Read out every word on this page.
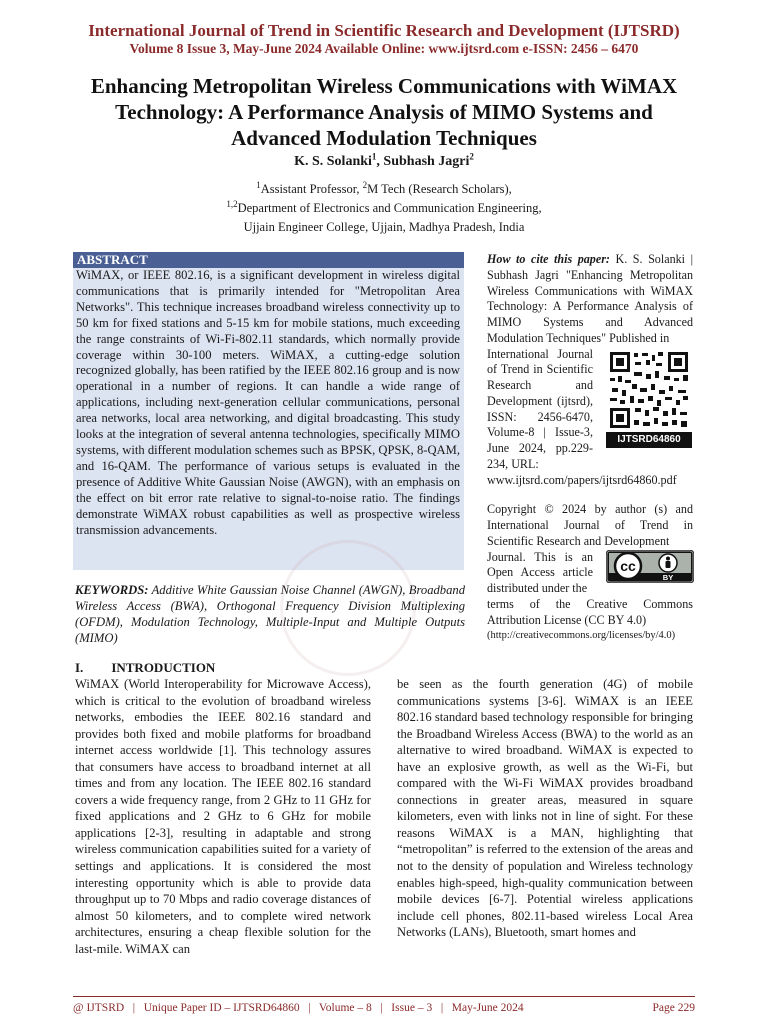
International Journal of Trend in Scientific Research and Development (IJTSRD)
Volume 8 Issue 3, May-June 2024 Available Online: www.ijtsrd.com e-ISSN: 2456 – 6470
Enhancing Metropolitan Wireless Communications with WiMAX
Technology: A Performance Analysis of MIMO Systems and
Advanced Modulation Techniques
K. S. Solanki$^1$, Subhash Jagri$^2$
$^1$Assistant Professor, $^2$M Tech (Research Scholars),
$^{1,2}$Department of Electronics and Communication Engineering,
Ujjain Engineer College, Ujjain, Madhya Pradesh, India
ABSTRACT
WiMAX, or IEEE 802.16, is a significant development in wireless digital communications that is primarily intended for "Metropolitan Area Networks". This technique increases broadband wireless connectivity up to 50 km for fixed stations and 5-15 km for mobile stations, much exceeding the range constraints of Wi-Fi-802.11 standards, which normally provide coverage within 30-100 meters. WiMAX, a cutting-edge solution recognized globally, has been ratified by the IEEE 802.16 group and is now operational in a number of regions. It can handle a wide range of applications, including next-generation cellular communications, personal area networks, local area networking, and digital broadcasting. This study looks at the integration of several antenna technologies, specifically MIMO systems, with different modulation schemes such as BPSK, QPSK, 8-QAM, and 16-QAM. The performance of various setups is evaluated in the presence of Additive White Gaussian Noise (AWGN), with an emphasis on the effect on bit error rate relative to signal-to-noise ratio. The findings demonstrate WiMAX robust capabilities as well as prospective wireless transmission advancements.
KEYWORDS: Additive White Gaussian Noise Channel (AWGN), Broadband Wireless Access (BWA), Orthogonal Frequency Division Multiplexing (OFDM), Modulation Technology, Multiple-Input and Multiple Outputs (MIMO)
How to cite this paper: K. S. Solanki | Subhash Jagri "Enhancing Metropolitan Wireless Communications with WiMAX Technology: A Performance Analysis of MIMO Systems and Advanced Modulation Techniques" Published in
International Journal of Trend in Scientific Research and Development (ijtsrd), ISSN: 2456-6470, Volume-8 | Issue-3, June 2024, pp.229-234, URL:
www.ijtsrd.com/papers/ijtsrd64860.pdf
Copyright © 2024 by author (s) and International Journal of Trend in Scientific Research and Development
Journal. This is an Open Access article distributed under the
terms of the Creative Commons Attribution License (CC BY 4.0)
(http://creativecommons.org/licenses/by/4.0)
IJTSRD64860
cc
BY
I. INTRODUCTION
WiMAX (World Interoperability for Microwave Access), which is critical to the evolution of broadband wireless networks, embodies the IEEE 802.16 standard and provides both fixed and mobile platforms for broadband internet access worldwide [1]. This technology assures that consumers have access to broadband internet at all times and from any location. The IEEE 802.16 standard covers a wide frequency range, from 2 GHz to 11 GHz for fixed applications and 2 GHz to 6 GHz for mobile applications [2-3], resulting in adaptable and strong wireless communication capabilities suited for a variety of settings and applications. It is considered the most interesting opportunity which is able to provide data throughput up to 70 Mbps and radio coverage distances of almost 50 kilometers, and to complete wired network architectures, ensuring a cheap flexible solution for the last-mile. WiMAX can
be seen as the fourth generation (4G) of mobile communications systems [3-6]. WiMAX is an IEEE 802.16 standard based technology responsible for bringing the Broadband Wireless Access (BWA) to the world as an alternative to wired broadband. WiMAX is expected to have an explosive growth, as well as the Wi-Fi, but compared with the Wi-Fi WiMAX provides broadband connections in greater areas, measured in square kilometers, even with links not in line of sight. For these reasons WiMAX is a MAN, highlighting that “metropolitan” is referred to the extension of the areas and not to the density of population and Wireless technology enables high-speed, high-quality communication between mobile devices [6-7]. Potential wireless applications include cell phones, 802.11-based wireless Local Area Networks (LANs), Bluetooth, smart homes and
@ IJTSRD   |   Unique Paper ID – IJTSRD64860   |   Volume – 8   |   Issue – 3   |   May-June 2024	Page 229
